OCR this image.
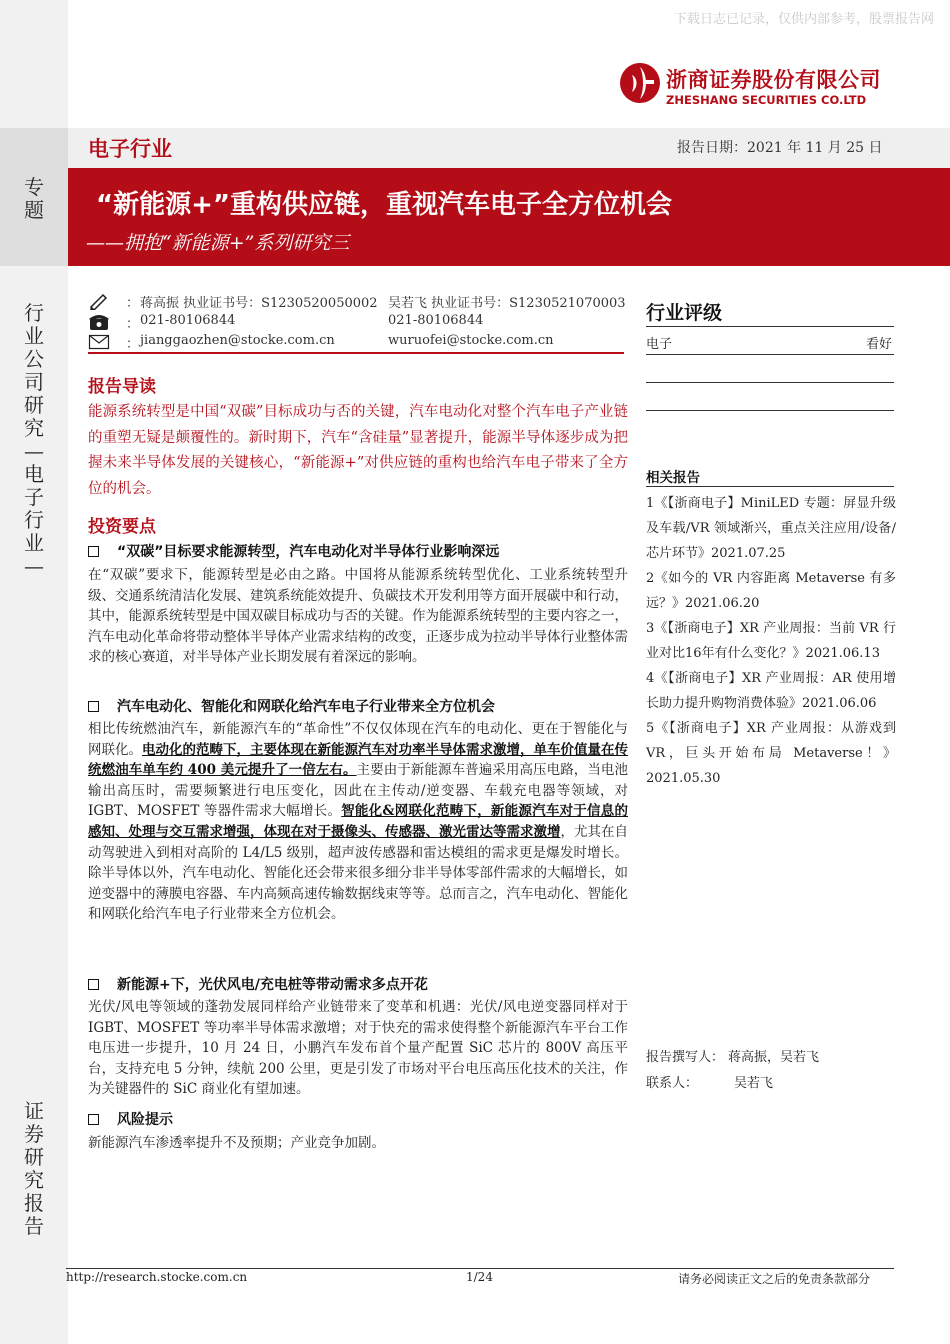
专
题
行
业
公
司
研
究
—
电
子
行
业
—
证
券
研
究
报
告
下载日志已记录，仅供内部参考，股票报告网
浙商证券股份有限公司
ZHESHANG SECURITIES CO.LTD
电子行业	报告日期：2021 年 11 月 25 日
“新能源+”重构供应链，重视汽车电子全方位机会
——拥抱“新能源+”系列研究三
： 蒋高振 执业证书号：S1230520050002 吴若飞 执业证书号：S1230521070003
： 021-80106844	021-80106844
： jianggaozhen@stocke.com.cn	wuruofei@stocke.com.cn
报告导读
能源系统转型是中国“双碳”目标成功与否的关键，汽车电动化对整个汽车电子产业链的重塑无疑是颠覆性的。新时期下，汽车“含硅量”显著提升，能源半导体逐步成为把握未来半导体发展的关键核心，“新能源+”对供应链的重构也给汽车电子带来了全方位的机会。
投资要点
“双碳”目标要求能源转型，汽车电动化对半导体行业影响深远
在“双碳”要求下，能源转型是必由之路。中国将从能源系统转型优化、工业系统转型升级、交通系统清洁化发展、建筑系统能效提升、负碳技术开发利用等方面开展碳中和行动，其中，能源系统转型是中国双碳目标成功与否的关键。作为能源系统转型的主要内容之一，汽车电动化革命将带动整体半导体产业需求结构的改变，正逐步成为拉动半导体行业整体需求的核心赛道，对半导体产业长期发展有着深远的影响。
汽车电动化、智能化和网联化给汽车电子行业带来全方位机会
相比传统燃油汽车，新能源汽车的“革命性”不仅仅体现在汽车的电动化、更在于智能化与网联化。电动化的范畴下，主要体现在新能源汽车对功率半导体需求激增，单车价值量在传统燃油车单车约 400 美元提升了一倍左右。主要由于新能源车普遍采用高压电路，当电池输出高压时，需要频繁进行电压变化，因此在主传动/逆变器、车载充电器等领域，对 IGBT、MOSFET 等器件需求大幅增长。智能化&网联化范畴下，新能源汽车对于信息的感知、处理与交互需求增强，体现在对于摄像头、传感器、激光雷达等需求激增，尤其在自动驾驶进入到相对高阶的 L4/L5 级别，超声波传感器和雷达模组的需求更是爆发时增长。除半导体以外，汽车电动化、智能化还会带来很多细分非半导体零部件需求的大幅增长，如逆变器中的薄膜电容器、车内高频高速传输数据线束等等。总而言之，汽车电动化、智能化和网联化给汽车电子行业带来全方位机会。
新能源+下，光伏风电/充电桩等带动需求多点开花
光伏/风电等领域的蓬勃发展同样给产业链带来了变革和机遇：光伏/风电逆变器同样对于 IGBT、MOSFET 等功率半导体需求激增；对于快充的需求使得整个新能源汽车平台工作电压进一步提升，10 月 24 日，小鹏汽车发布首个量产配置 SiC 芯片的 800V 高压平台，支持充电 5 分钟，续航 200 公里，更是引发了市场对平台电压高压化技术的关注，作为关键器件的 SiC 商业化有望加速。
风险提示
新能源汽车渗透率提升不及预期；产业竞争加剧。
行业评级
电子	看好
相关报告
1《【浙商电子】MiniLED 专题：屏显升级及车载/VR 领域渐兴，重点关注应用/设备/芯片环节》2021.07.25
2《如今的 VR 内容距离 Metaverse 有多远？》2021.06.20
3《【浙商电子】XR 产业周报：当前 VR 行业对比16年有什么变化？》2021.06.13
4《【浙商电子】XR 产业周报：AR 使用增长助力提升购物消费体验》2021.06.06
5《【浙商电子】XR 产业周报：从游戏到 VR，巨头开始布局 Metaverse！》2021.05.30
报告撰写人： 蒋高振，吴若飞
联系人：	吴若飞
http://research.stocke.com.cn	1/24	请务必阅读正文之后的免责条款部分
